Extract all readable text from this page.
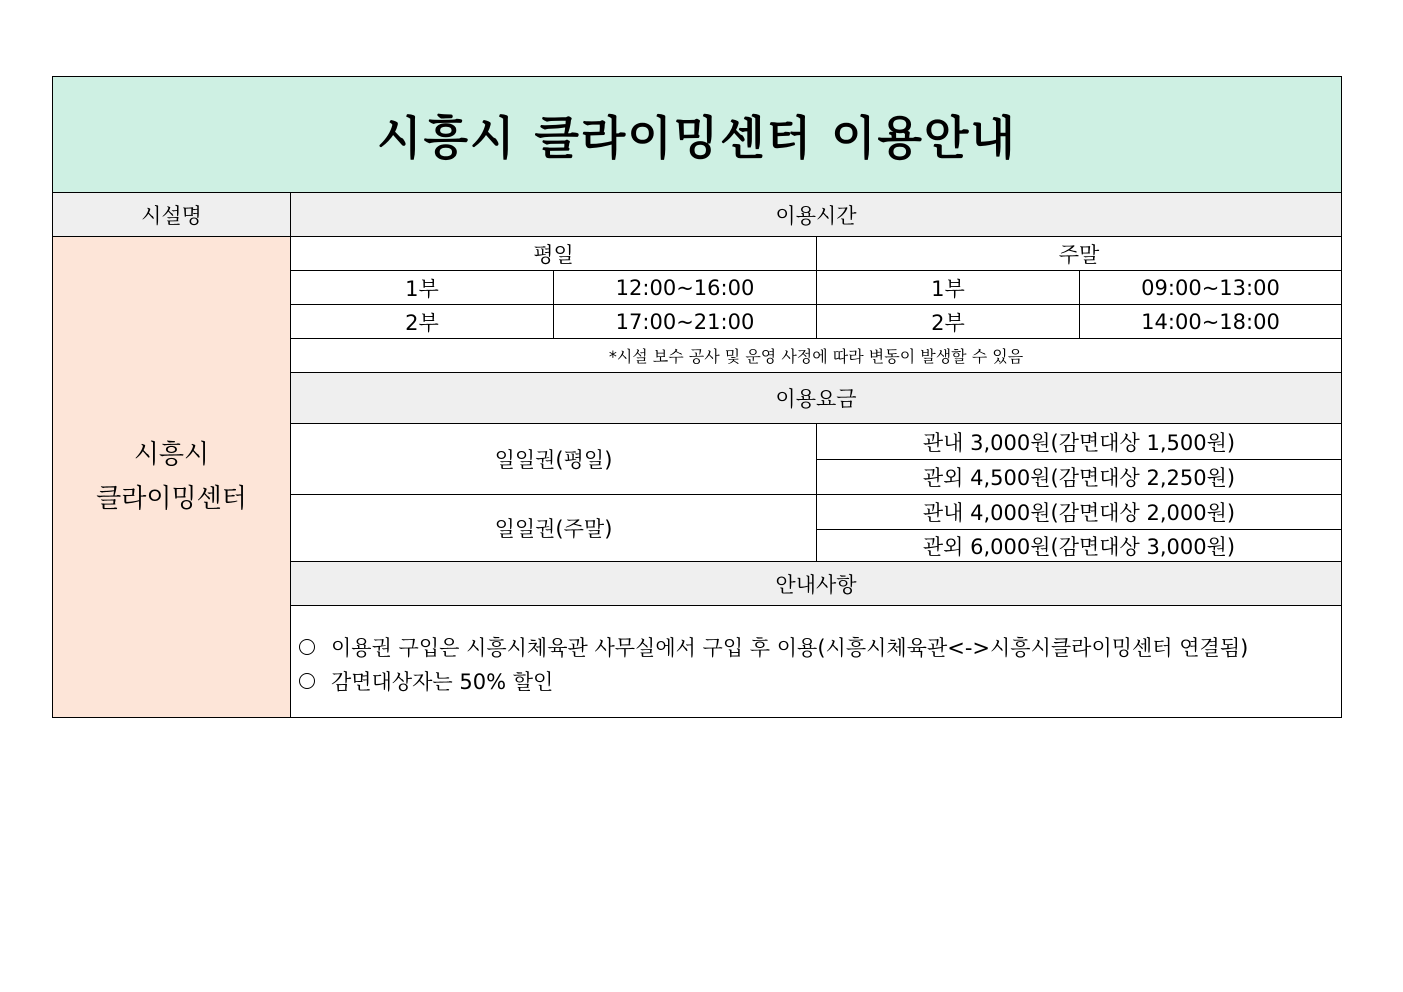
시흥시 클라이밍센터 이용안내
시설명	이용시간
시흥시
클라이밍센터
평일	주말
1부	12:00~16:00	1부	09:00~13:00
2부	17:00~21:00	2부	14:00~18:00
*시설 보수 공사 및 운영 사정에 따라 변동이 발생할 수 있음
이용요금
일일권(평일)
관내 3,000원(감면대상 1,500원)
관외 4,500원(감면대상 2,250원)
일일권(주말)
관내 4,000원(감면대상 2,000원)
관외 6,000원(감면대상 3,000원)
안내사항
이용권 구입은 시흥시체육관 사무실에서 구입 후 이용(시흥시체육관<->시흥시클라이밍센터 연결됨)
감면대상자는 50% 할인
